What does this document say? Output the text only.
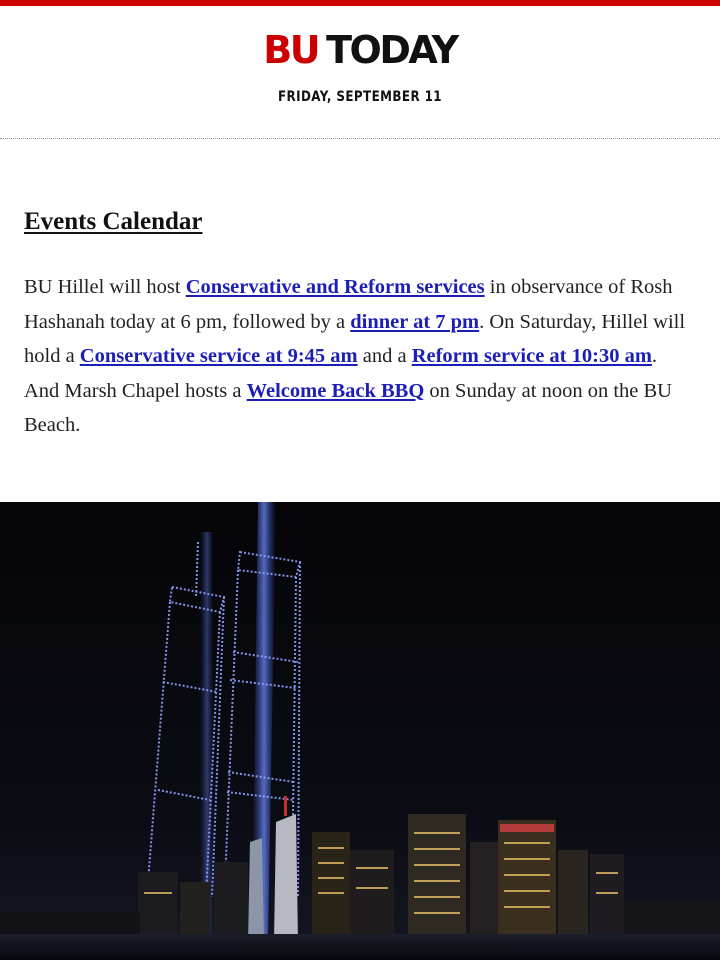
BU TODAY
FRIDAY, SEPTEMBER 11
Events Calendar

BU Hillel will host Conservative and Reform services in observance of Rosh Hashanah today at 6 pm, followed by a dinner at 7 pm. On Saturday, Hillel will hold a Conservative service at 9:45 am and a Reform service at 10:30 am. And Marsh Chapel hosts a Welcome Back BBQ on Sunday at noon on the BU Beach.
